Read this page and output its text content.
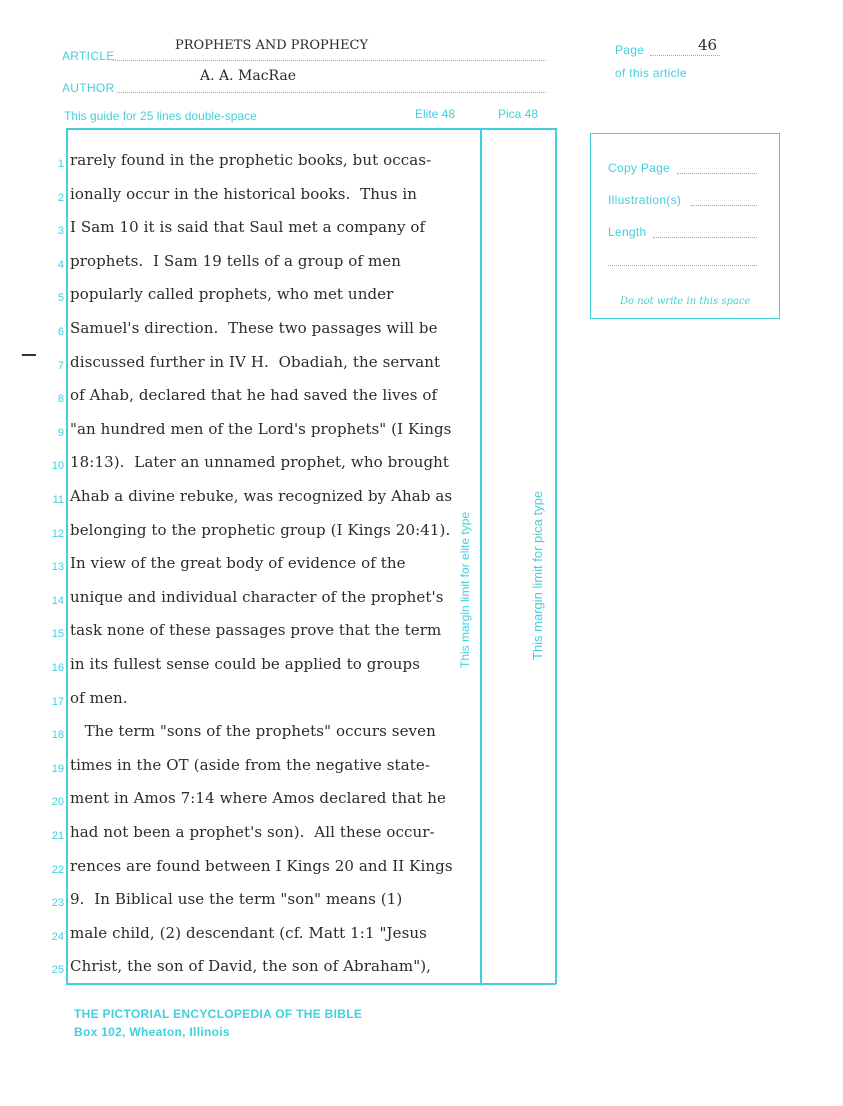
ARTICLE
PROPHETS AND PROPHECY
AUTHOR
A. A. MacRae
Page	46
of this article
This guide for 25 lines double-space	Elite 48	Pica 48
This margin limit for elite type	This margin limit for pica type
1 rarely found in the prophetic books, but occas-
2 ionally occur in the historical books.  Thus in
3 I Sam 10 it is said that Saul met a company of
4 prophets.  I Sam 19 tells of a group of men
5 popularly called prophets, who met under
6 Samuel's direction.  These two passages will be
7 discussed further in IV H.  Obadiah, the servant
8 of Ahab, declared that he had saved the lives of
9 "an hundred men of the Lord's prophets" (I Kings
10 18:13).  Later an unnamed prophet, who brought
11 Ahab a divine rebuke, was recognized by Ahab as
12 belonging to the prophetic group (I Kings 20:41).
13 In view of the great body of evidence of the
14 unique and individual character of the prophet's
15 task none of these passages prove that the term
16 in its fullest sense could be applied to groups
17 of men.
18 The term "sons of the prophets" occurs seven
19 times in the OT (aside from the negative state-
20 ment in Amos 7:14 where Amos declared that he
21 had not been a prophet's son).  All these occur-
22 rences are found between I Kings 20 and II Kings
23 9.  In Biblical use the term "son" means (1)
24 male child, (2) descendant (cf. Matt 1:1 "Jesus
25 Christ, the son of David, the son of Abraham"),
Copy Page
Illustration(s)
Length
Do not write in this space
THE PICTORIAL ENCYCLOPEDIA OF THE BIBLE
Box 102, Wheaton, Illinois
